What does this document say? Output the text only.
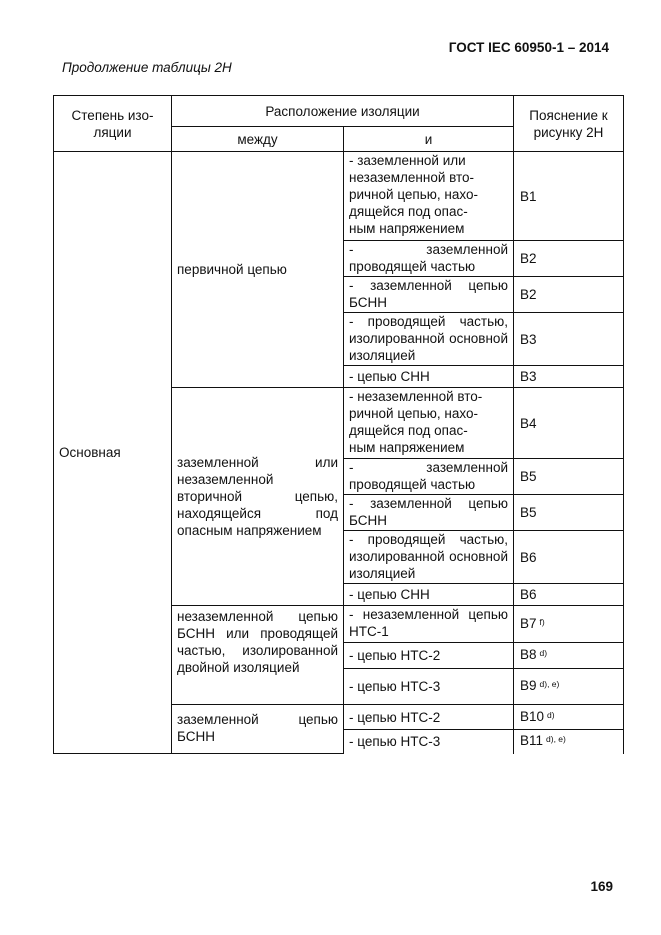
ГОСТ IEC 60950-1 – 2014
Продолжение таблицы 2H
Степень изо-
ляции	Расположение изоляции		Пояснение к
рисунку 2H
	между	и	
Основная	первичной цепью	- заземленной или
незаземленной вто-
ричной цепью, нахо-
дящейся под опас-
ным напряжением	B1
		- заземленной проводящей частью	B2
		- заземленной цепью БСНН	B2
		- проводящей частью, изолированной основной изоляцией	B3
		- цепью СНН	B3
	заземленной или незаземленной вторичной цепью, находящейся под опасным напряжением	- незаземленной вто-
ричной цепью, нахо-
дящейся под опас-
ным напряжением	B4
		- заземленной проводящей частью	B5
		- заземленной цепью БСНН	B5
		- проводящей частью, изолированной основной изоляцией	B6
		- цепью СНН	B6
	незаземленной цепью БСНН или проводящей частью, изолированной двойной изоляцией	- незаземленной цепью НТС-1	B7 $^{f)}$
		- цепью НТС-2	B8 $^{d)}$
		- цепью НТС-3	B9 $^{d), e)}$
	заземленной цепью БСНН	- цепью НТС-2	B10 $^{d)}$
		- цепью НТС-3	B11 $^{d), e)}$
169
